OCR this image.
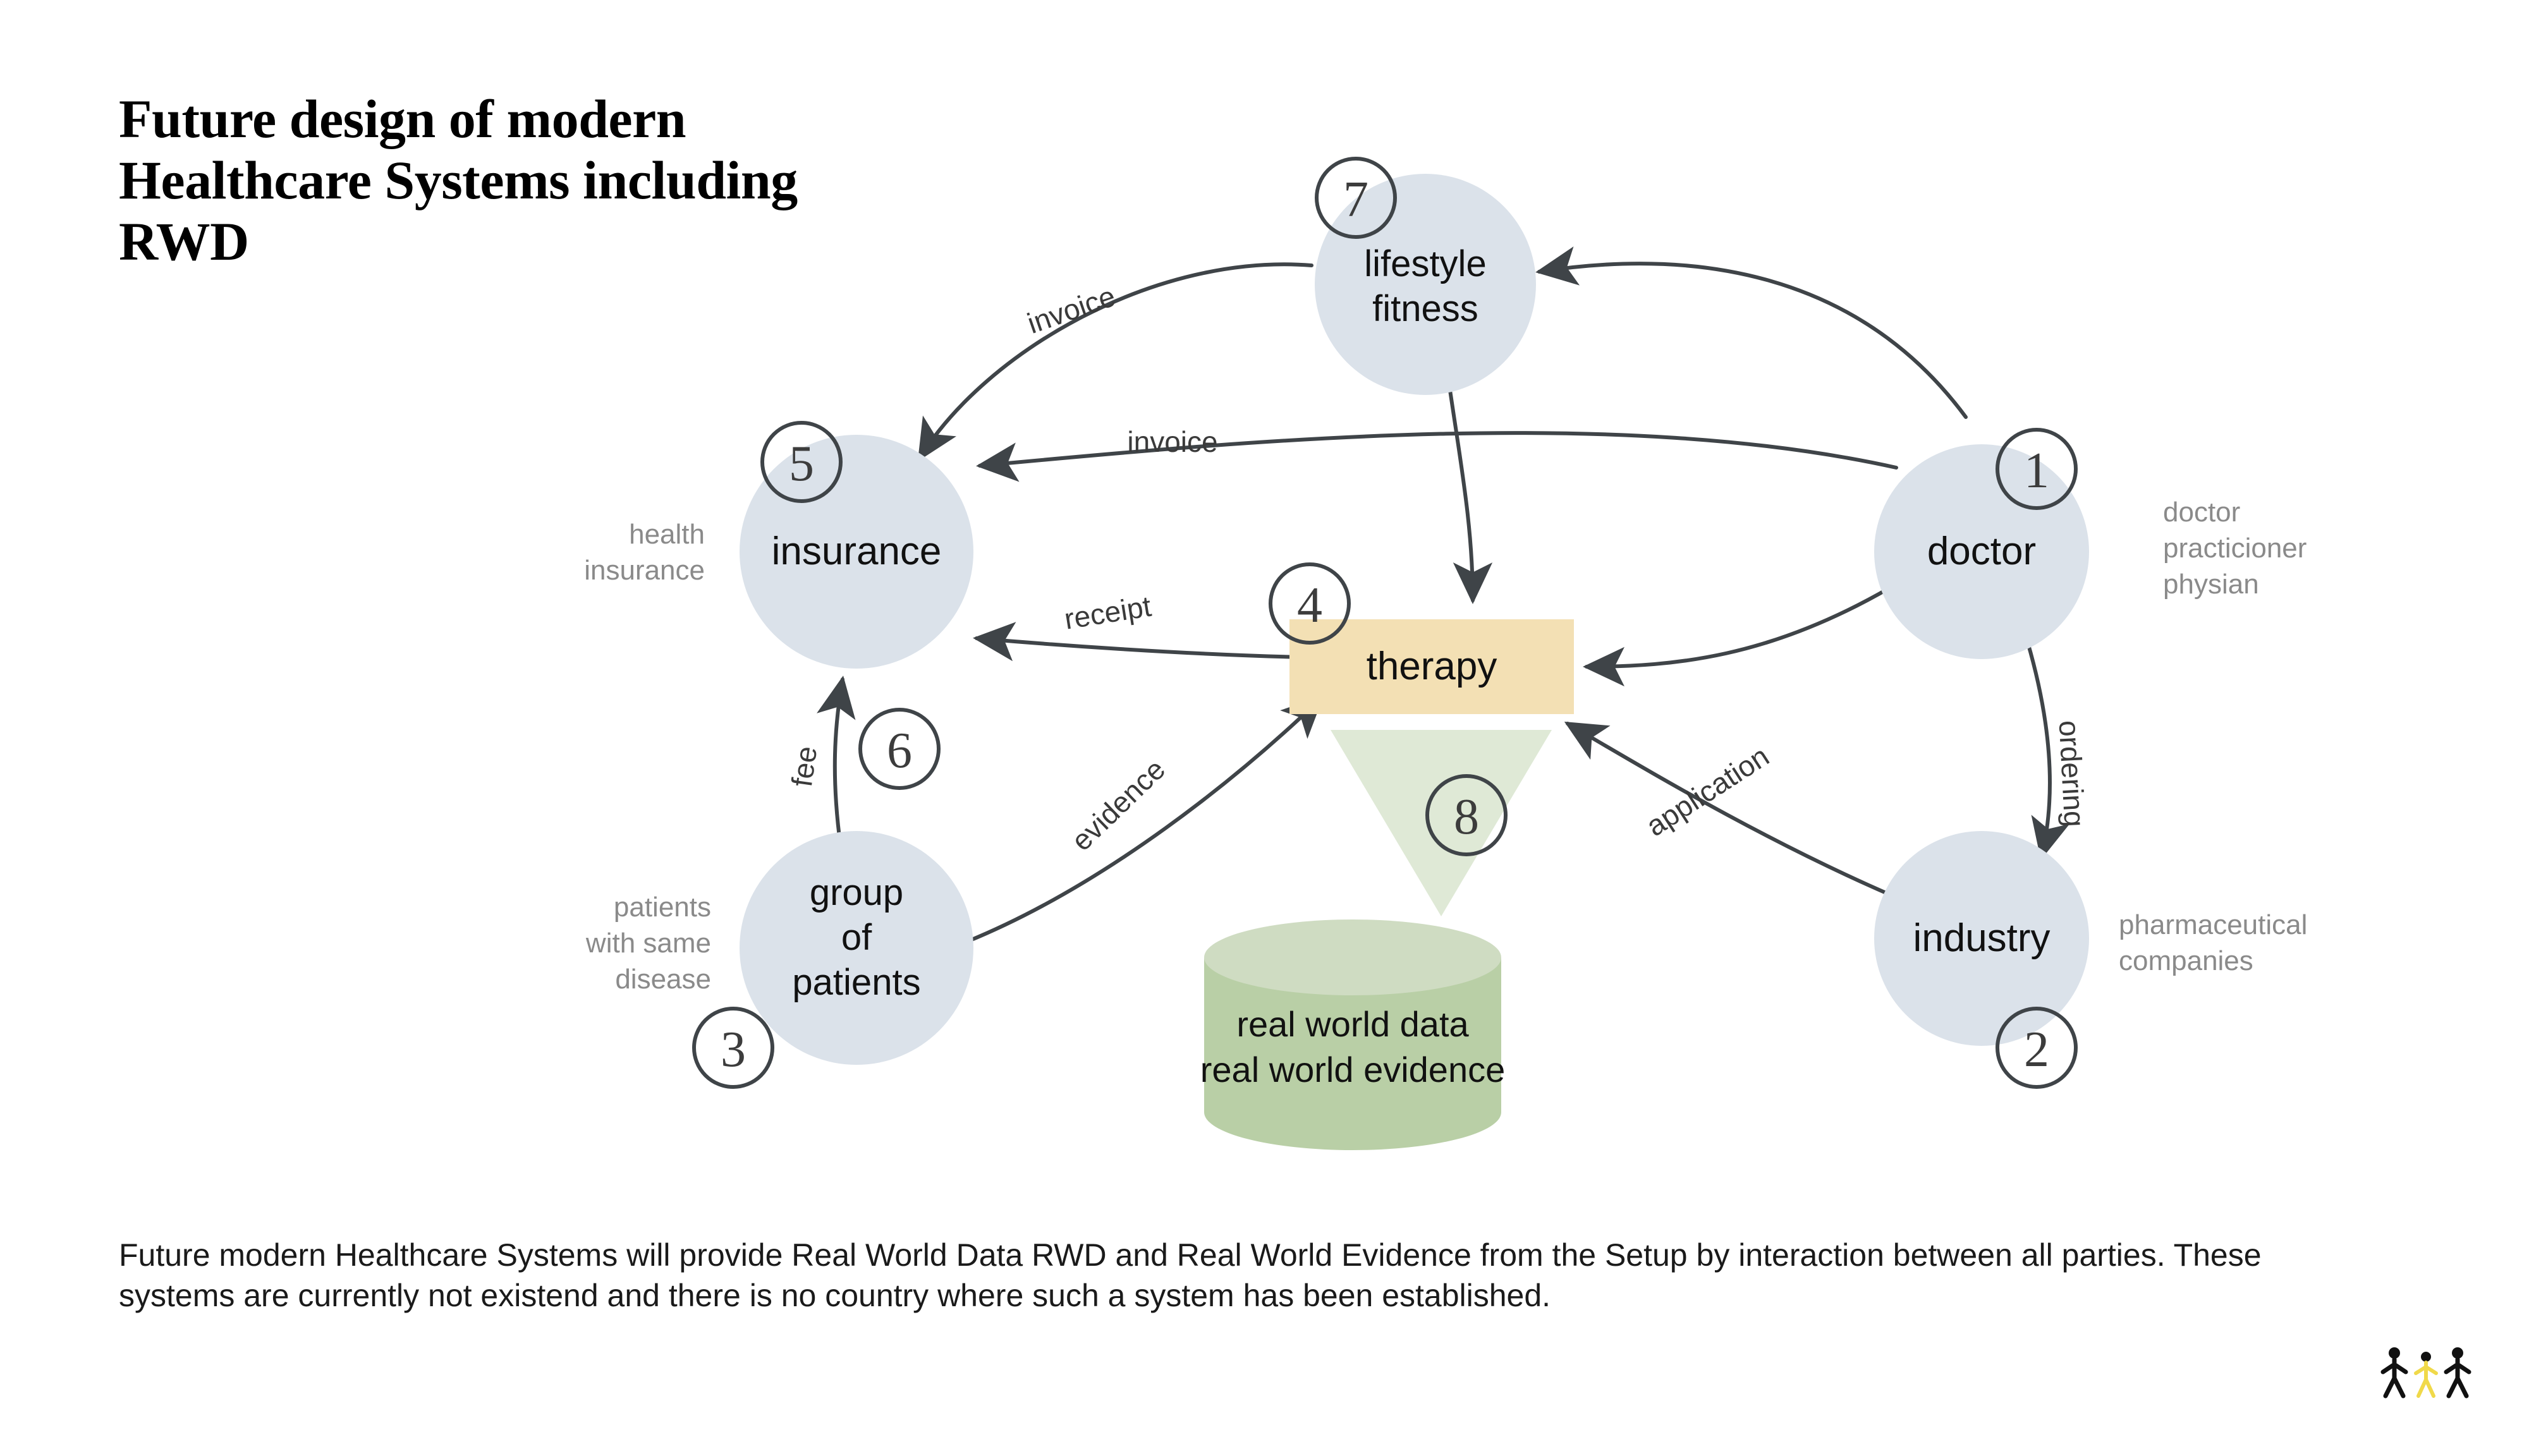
Future design of modern Healthcare Systems including RWD	lifestyle
fitness
insurance	doctor
industry
group
of
patients
therapy
real world data
real world evidence
7
5	1
2
3
4
6
8
invoice
invoice
receipt
ordering
application
evidence
fee
doctor
practicioner
physian
pharmaceutical
companies
health
insurance
patients
with same
disease
Future modern Healthcare Systems will provide Real World Data RWD and Real World Evidence from the Setup by interaction between all parties. These systems are currently not existend and there is no country where such a system has been established.
